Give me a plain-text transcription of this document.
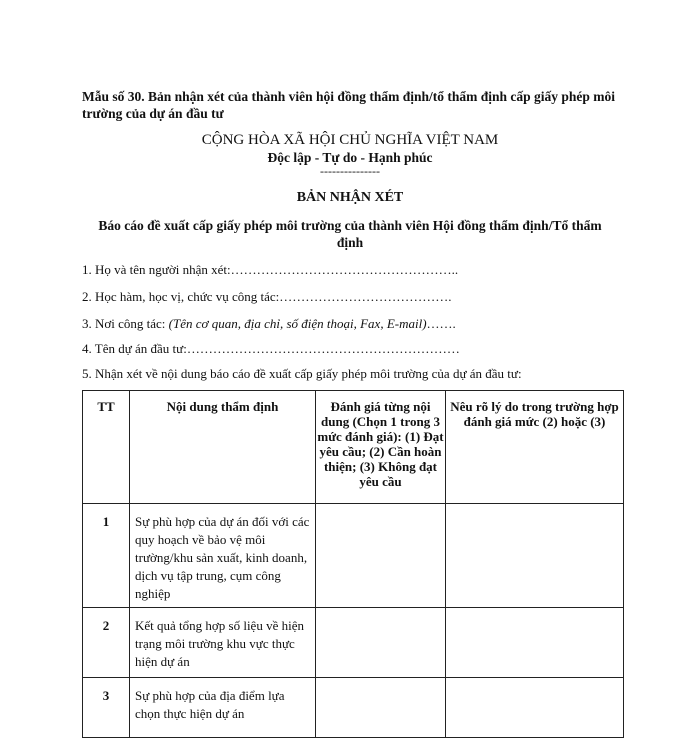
Mẫu số 30. Bản nhận xét của thành viên hội đồng thẩm định/tổ thẩm định cấp giấy phép môi trường của dự án đầu tư
CỘNG HÒA XÃ HỘI CHỦ NGHĨA VIỆT NAM
Độc lập - Tự do - Hạnh phúc
---------------
BẢN NHẬN XÉT
Báo cáo đề xuất cấp giấy phép môi trường của thành viên Hội đồng thẩm định/Tổ thẩm định
1. Họ và tên người nhận xét:……………………………………………..
2. Học hàm, học vị, chức vụ công tác:………………………………….
3. Nơi công tác: (Tên cơ quan, địa chỉ, số điện thoại, Fax, E-mail)…….
4. Tên dự án đầu tư:………………………………………………………
5. Nhận xét về nội dung báo cáo đề xuất cấp giấy phép môi trường của dự án đầu tư:
TT	Nội dung thẩm định	Đánh giá từng nội dung (Chọn 1 trong 3 mức đánh giá): (1) Đạt yêu cầu; (2) Cần hoàn thiện; (3) Không đạt yêu cầu	Nêu rõ lý do trong trường hợp đánh giá mức (2) hoặc (3)
1	Sự phù hợp của dự án đối với các quy hoạch về bảo vệ môi trường/khu sản xuất, kinh doanh, dịch vụ tập trung, cụm công nghiệp		
2	Kết quả tổng hợp số liệu về hiện trạng môi trường khu vực thực hiện dự án		
3	Sự phù hợp của địa điểm lựa chọn thực hiện dự án		
